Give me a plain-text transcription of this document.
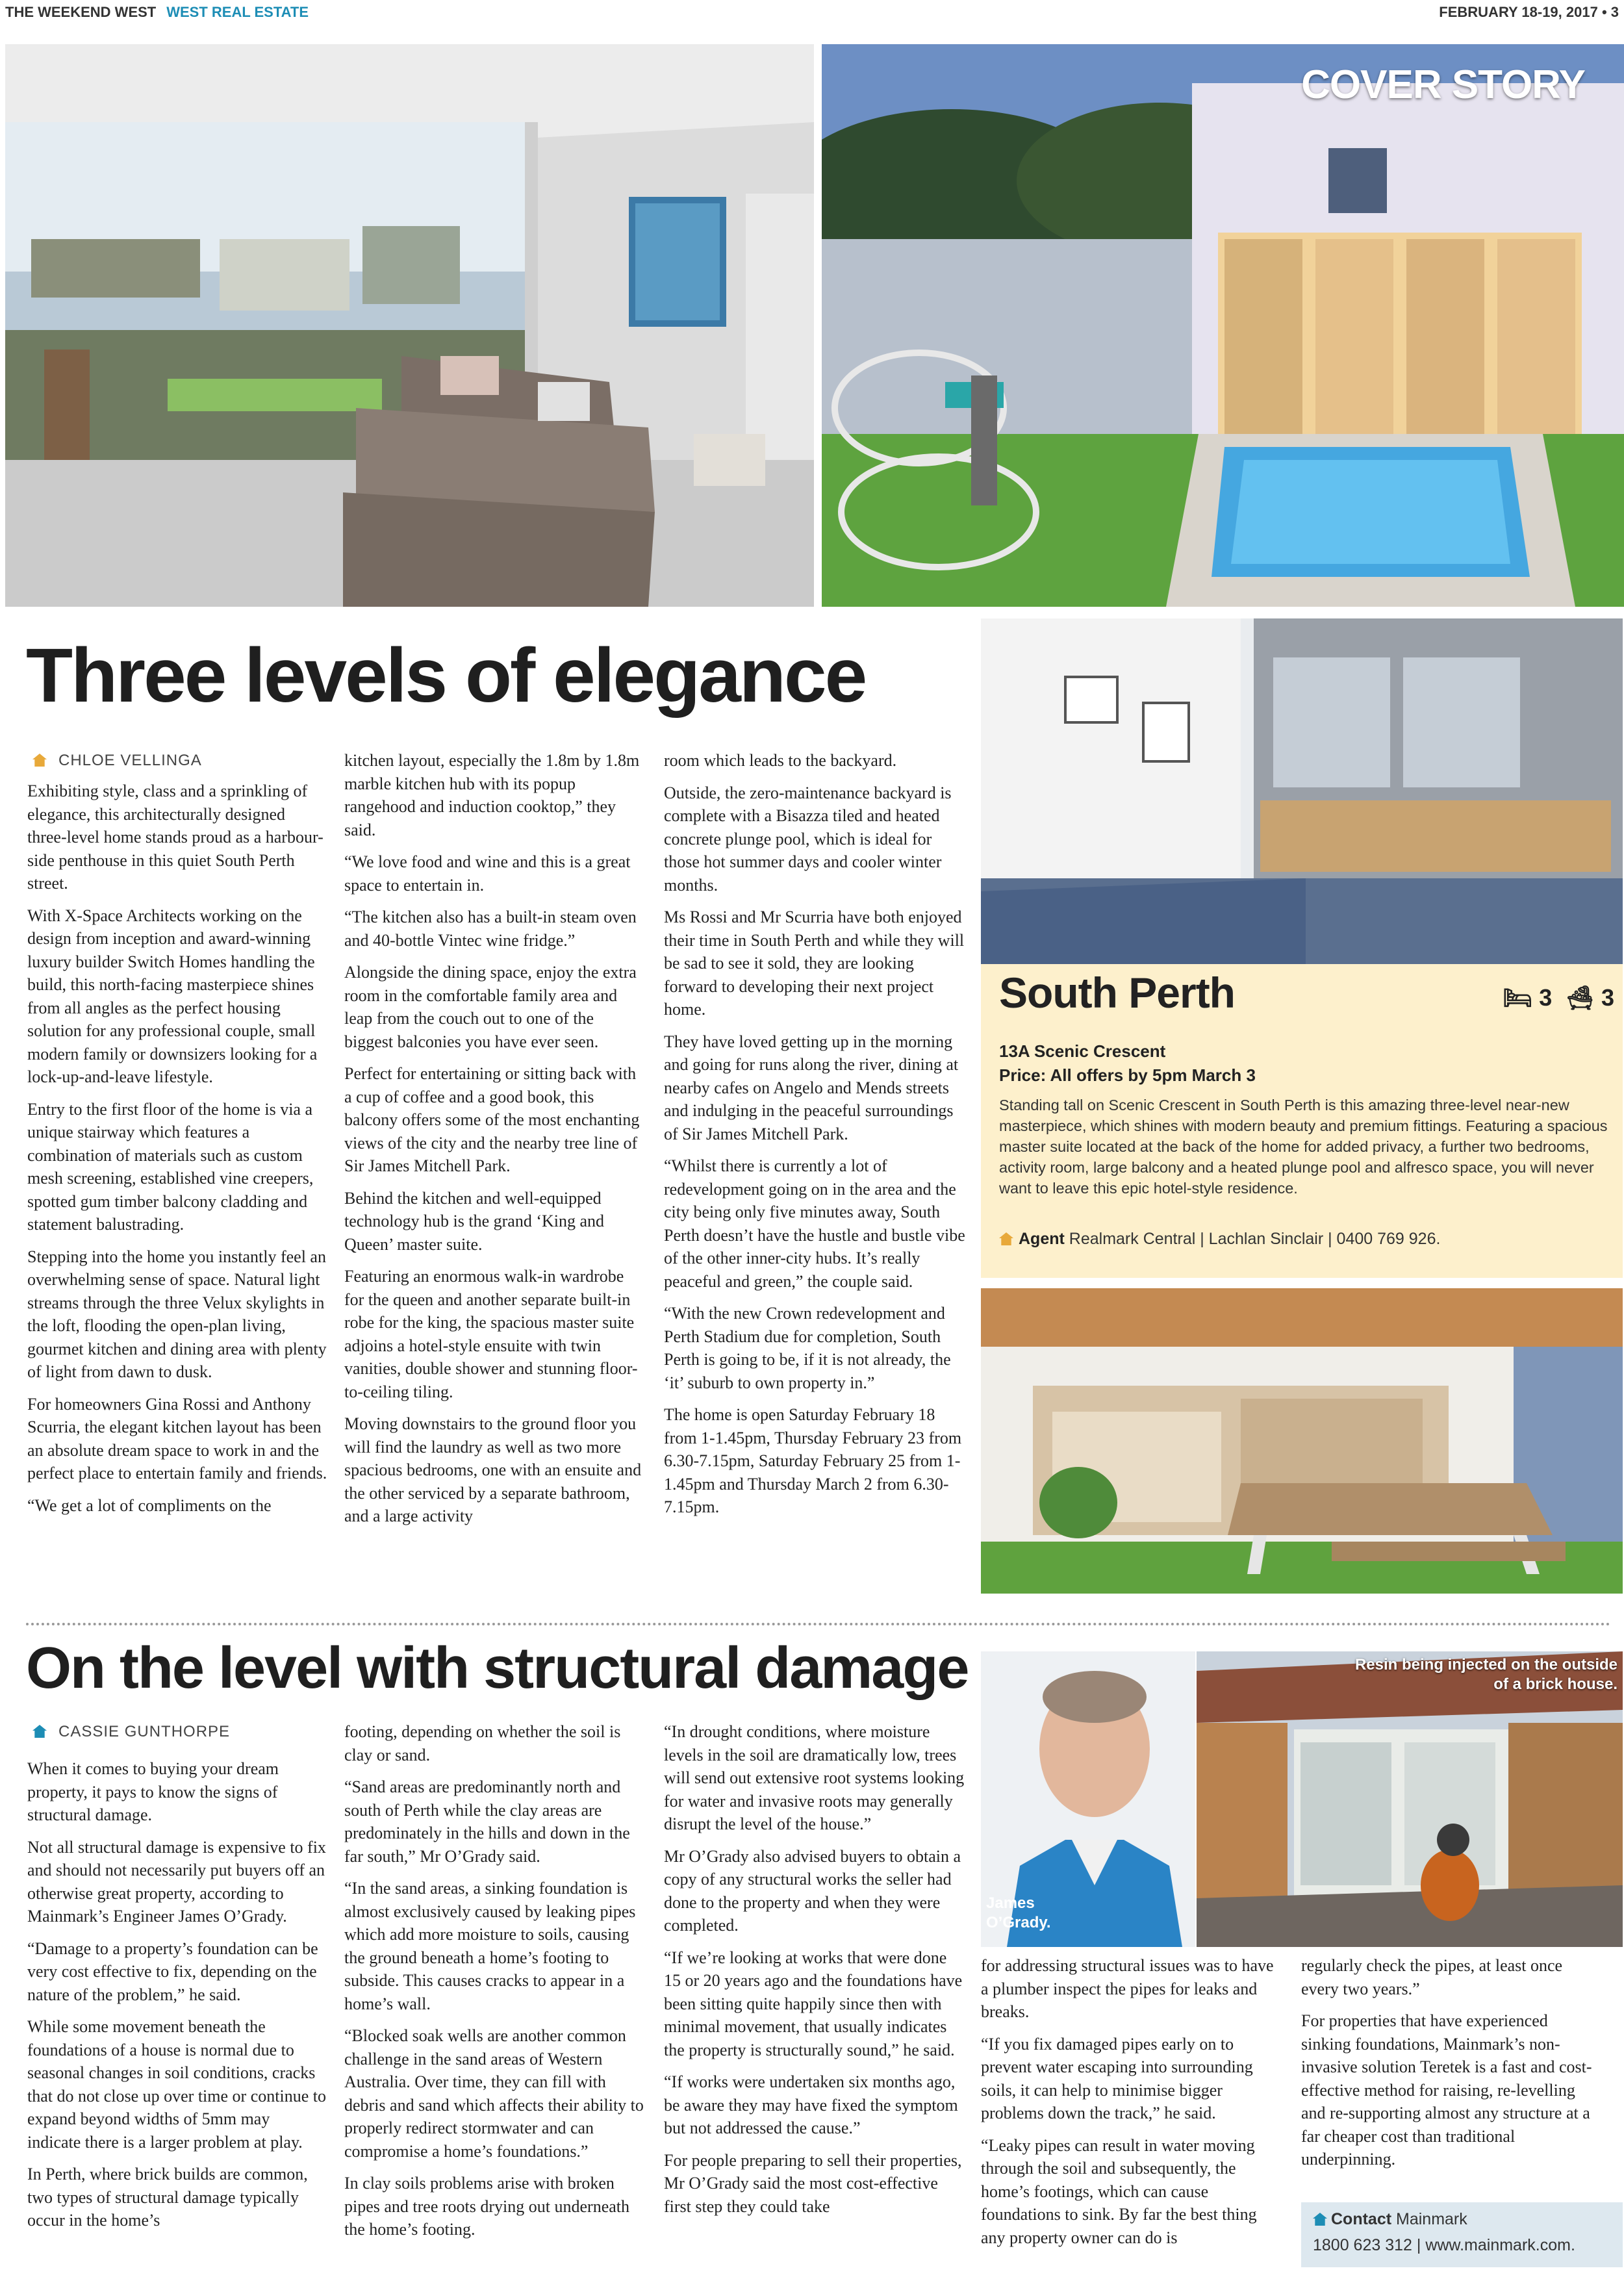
THE WEEKEND WEST WEST REAL ESTATE	FEBRUARY 18-19, 2017 • 3
COVER STORY
Three levels of elegance
CHLOE VELLINGA

Exhibiting style, class and a sprinkling of elegance, this architecturally designed three-level home stands proud as a harbour-side penthouse in this quiet South Perth street.

With X-Space Architects working on the design from inception and award-winning luxury builder Switch Homes handling the build, this north-facing masterpiece shines from all angles as the perfect housing solution for any professional couple, small modern family or downsizers looking for a lock-up-and-leave lifestyle.

Entry to the first floor of the home is via a unique stairway which features a combination of materials such as custom mesh screening, established vine creepers, spotted gum timber balcony cladding and statement balustrading.

Stepping into the home you instantly feel an overwhelming sense of space. Natural light streams through the three Velux skylights in the loft, flooding the open-plan living, gourmet kitchen and dining area with plenty of light from dawn to dusk.

For homeowners Gina Rossi and Anthony Scurria, the elegant kitchen layout has been an absolute dream space to work in and the perfect place to entertain family and friends.

“We get a lot of compliments on the

kitchen layout, especially the 1.8m by 1.8m marble kitchen hub with its popup rangehood and induction cooktop,” they said.

“We love food and wine and this is a great space to entertain in.

“The kitchen also has a built-in steam oven and 40-bottle Vintec wine fridge.”

Alongside the dining space, enjoy the extra room in the comfortable family area and leap from the couch out to one of the biggest balconies you have ever seen.

Perfect for entertaining or sitting back with a cup of coffee and a good book, this balcony offers some of the most enchanting views of the city and the nearby tree line of Sir James Mitchell Park.

Behind the kitchen and well-equipped technology hub is the grand ‘King and Queen’ master suite.

Featuring an enormous walk-in wardrobe for the queen and another separate built-in robe for the king, the spacious master suite adjoins a hotel-style ensuite with twin vanities, double shower and stunning floor-to-ceiling tiling.

Moving downstairs to the ground floor you will find the laundry as well as two more spacious bedrooms, one with an ensuite and the other serviced by a separate bathroom, and a large activity

room which leads to the backyard.

Outside, the zero-maintenance backyard is complete with a Bisazza tiled and heated concrete plunge pool, which is ideal for those hot summer days and cooler winter months.

Ms Rossi and Mr Scurria have both enjoyed their time in South Perth and while they will be sad to see it sold, they are looking forward to developing their next project home.

They have loved getting up in the morning and going for runs along the river, dining at nearby cafes on Angelo and Mends streets and indulging in the peaceful surroundings of Sir James Mitchell Park.

“Whilst there is currently a lot of redevelopment going on in the area and the city being only five minutes away, South Perth doesn’t have the hustle and bustle vibe of the other inner-city hubs. It’s really peaceful and green,” the couple said.

“With the new Crown redevelopment and Perth Stadium due for completion, South Perth is going to be, if it is not already, the ‘it’ suburb to own property in.”

The home is open Saturday February 18 from 1-1.45pm, Thursday February 23 from 6.30-7.15pm, Saturday February 25 from 1-1.45pm and Thursday March 2 from 6.30-7.15pm.

South Perth	🛏︎ 3 🛁︎ 3
13A Scenic Crescent
Price: All offers by 5pm March 3
Standing tall on Scenic Crescent in South Perth is this amazing three-level near-new masterpiece, which shines with modern beauty and premium fittings. Featuring a spacious master suite located at the back of the home for added privacy, a further two bedrooms, activity room, large balcony and a heated plunge pool and alfresco space, you will never want to leave this epic hotel-style residence.
Agent Realmark Central | Lachlan Sinclair | 0400 769 926.
On the level with structural damage
CASSIE GUNTHORPE

When it comes to buying your dream property, it pays to know the signs of structural damage.

Not all structural damage is expensive to fix and should not necessarily put buyers off an otherwise great property, according to Mainmark’s Engineer James O’Grady.

“Damage to a property’s foundation can be very cost effective to fix, depending on the nature of the problem,” he said.

While some movement beneath the foundations of a house is normal due to seasonal changes in soil conditions, cracks that do not close up over time or continue to expand beyond widths of 5mm may indicate there is a larger problem at play.

In Perth, where brick builds are common, two types of structural damage typically occur in the home’s

footing, depending on whether the soil is clay or sand.

“Sand areas are predominantly north and south of Perth while the clay areas are predominately in the hills and down in the far south,” Mr O’Grady said.

“In the sand areas, a sinking foundation is almost exclusively caused by leaking pipes which add more moisture to soils, causing the ground beneath a home’s footing to subside. This causes cracks to appear in a home’s wall.

“Blocked soak wells are another common challenge in the sand areas of Western Australia. Over time, they can fill with debris and sand which affects their ability to properly redirect stormwater and can compromise a home’s foundations.”

In clay soils problems arise with broken pipes and tree roots drying out underneath the home’s footing.

“In drought conditions, where moisture levels in the soil are dramatically low, trees will send out extensive root systems looking for water and invasive roots may generally disrupt the level of the house.”

Mr O’Grady also advised buyers to obtain a copy of any structural works the seller had done to the property and when they were completed.

“If we’re looking at works that were done 15 or 20 years ago and the foundations have been sitting quite happily since then with minimal movement, that usually indicates the property is structurally sound,” he said.

“If works were undertaken six months ago, be aware they may have fixed the symptom but not addressed the cause.”

For people preparing to sell their properties, Mr O’Grady said the most cost-effective first step they could take

James O’Grady.
Resin being injected on the outside of a brick house.

for addressing structural issues was to have a plumber inspect the pipes for leaks and breaks.

“If you fix damaged pipes early on to prevent water escaping into surrounding soils, it can help to minimise bigger problems down the track,” he said.

“Leaky pipes can result in water moving through the soil and subsequently, the home’s footings, which can cause foundations to sink. By far the best thing any property owner can do is

regularly check the pipes, at least once every two years.”

For properties that have experienced sinking foundations, Mainmark’s non-invasive solution Teretek is a fast and cost-effective method for raising, re-levelling and re-supporting almost any structure at a far cheaper cost than traditional underpinning.

Contact Mainmark
1800 623 312 | www.mainmark.com.
